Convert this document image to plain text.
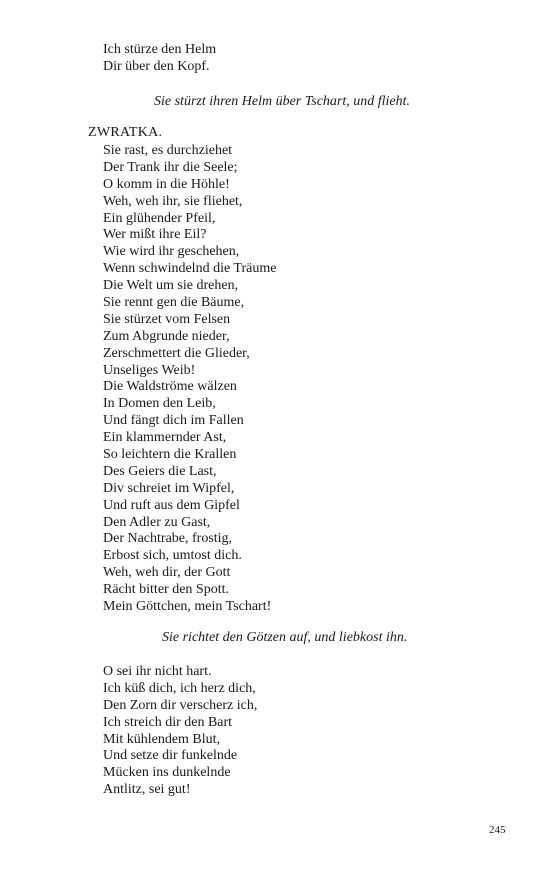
Ich stürze den Helm
Dir über den Kopf.
Sie stürzt ihren Helm über Tschart, und flieht.
ZWRATKA.
Sie rast, es durchziehet
Der Trank ihr die Seele;
O komm in die Höhle!
Weh, weh ihr, sie fliehet,
Ein glühender Pfeil,
Wer mißt ihre Eil?
Wie wird ihr geschehen,
Wenn schwindelnd die Träume
Die Welt um sie drehen,
Sie rennt gen die Bäume,
Sie stürzet vom Felsen
Zum Abgrunde nieder,
Zerschmettert die Glieder,
Unseliges Weib!
Die Waldströme wälzen
In Domen den Leib,
Und fängt dich im Fallen
Ein klammernder Ast,
So leichtern die Krallen
Des Geiers die Last,
Div schreiet im Wipfel,
Und ruft aus dem Gipfel
Den Adler zu Gast,
Der Nachtrabe, frostig,
Erbost sich, umtost dich.
Weh, weh dir, der Gott
Rächt bitter den Spott.
Mein Göttchen, mein Tschart!
Sie richtet den Götzen auf, und liebkost ihn.
O sei ihr nicht hart.
Ich küß dich, ich herz dich,
Den Zorn dir verscherz ich,
Ich streich dir den Bart
Mit kühlendem Blut,
Und setze dir funkelnde
Mücken ins dunkelnde
Antlitz, sei gut!
245
